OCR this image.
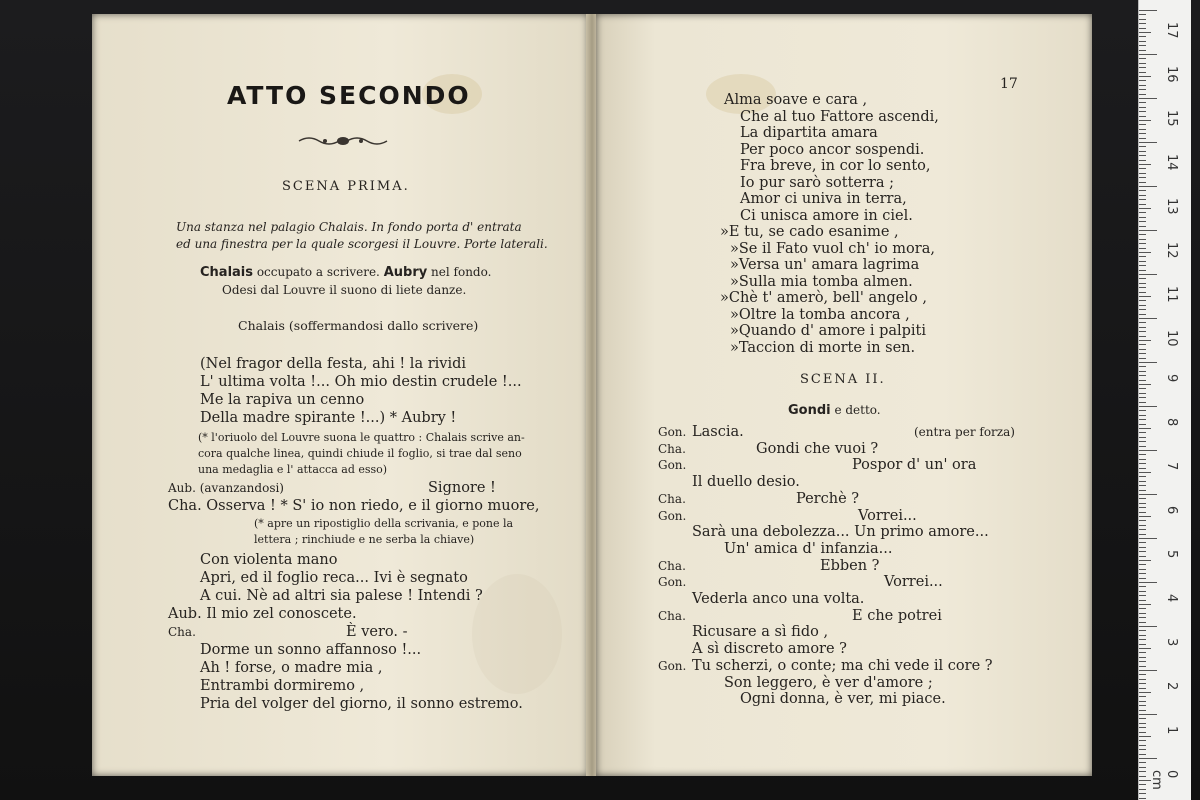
ATTO SECONDO
SCENA PRIMA.
Una stanza nel palagio Chalais. In fondo porta d' entrata
ed una finestra per la quale scorgesi il Louvre. Porte laterali.
Chalais occupato a scrivere. Aubry nel fondo.
Odesi dal Louvre il suono di liete danze.
Chalais (soffermandosi dallo scrivere)
(Nel fragor della festa, ahi ! la rividi
L' ultima volta !... Oh mio destin crudele !...
Me la rapiva un cenno
Della madre spirante !...) * Aubry !
(* l'oriuolo del Louvre suona le quattro : Chalais scrive an-
cora qualche linea, quindi chiude il foglio, si trae dal seno
una medaglia e l' attacca ad esso)
Aub. (avanzandosi)	Signore !
Cha. Osserva ! * S' io non riedo, e il giorno muore,
(* apre un ripostiglio della scrivania, e pone la
lettera ; rinchiude e ne serba la chiave)
Con violenta mano
Apri, ed il foglio reca... Ivi è segnato
A cui. Nè ad altri sia palese ! Intendi ?
Aub. Il mio zel conoscete.
Cha.	È vero. -
Dorme un sonno affannoso !...
Ah ! forse, o madre mia ,
Entrambi dormiremo ,
Pria del volger del giorno, il sonno estremo.
17
Alma soave e cara ,
Che al tuo Fattore ascendi,
La dipartita amara
Per poco ancor sospendi.
Fra breve, in cor lo sento,
Io pur sarò sotterra ;
Amor ci univa in terra,
Ci unisca amore in ciel.
»E tu, se cado esanime ,
»Se il Fato vuol ch' io mora,
»Versa un' amara lagrima
»Sulla mia tomba almen.
»Chè t' amerò, bell' angelo ,
»Oltre la tomba ancora ,
»Quando d' amore i palpiti
»Taccion di morte in sen.
SCENA II.
Gondi e detto.
Gon. Lascia.	(entra per forza)
Cha.	Gondi che vuoi ?
Gon.	Pospor d' un' ora
Il duello desio.
Cha.	Perchè ?
Gon.	Vorrei...
Sarà una debolezza... Un primo amore...
Un' amica d' infanzia...
Cha.	Ebben ?
Gon.	Vorrei...
Vederla anco una volta.
Cha.	E che potrei
Ricusare a sì fido ,
A sì discreto amore ?
Gon. Tu scherzi, o conte; ma chi vede il core ?
Son leggero, è ver d'amore ;
Ogni donna, è ver, mi piace.
17
16
15
14
13
12
11
10
9
8
7
6
5
4
3
2
1
0 cm
